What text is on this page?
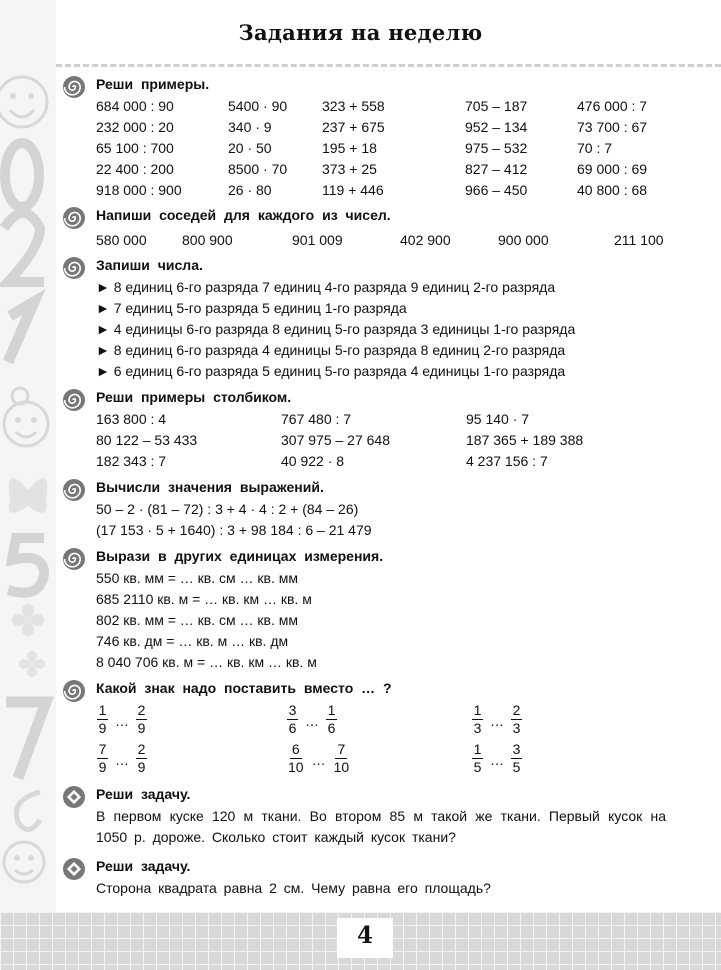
Задания на неделю
Реши примеры.
684 000 : 90	5400 · 90	323 + 558	705 – 187	476 000 : 7
232 000 : 20	340 · 9	237 + 675	952 – 134	73 700 : 67
65 100 : 700	20 · 50	195 + 18	975 – 532	70 : 7
22 400 : 200	8500 · 70	373 + 25	827 – 412	69 000 : 69
918 000 : 900	26 · 80	119 + 446	966 – 450	40 800 : 68
Напиши соседей для каждого из чисел.
580 000	800 900	901 009	402 900	900 000	211 100
Запиши числа.
► 8 единиц 6-го разряда 7 единиц 4-го разряда 9 единиц 2-го разряда
► 7 единиц 5-го разряда 5 единиц 1-го разряда
► 4 единицы 6-го разряда 8 единиц 5-го разряда 3 единицы 1-го разряда
► 8 единиц 6-го разряда 4 единицы 5-го разряда 8 единиц 2-го разряда
► 6 единиц 6-го разряда 5 единиц 5-го разряда 4 единицы 1-го разряда
Реши примеры столбиком.
163 800 : 4	767 480 : 7	95 140 · 7
80 122 – 53 433	307 975 – 27 648	187 365 + 189 388
182 343 : 7	40 922 · 8	4 237 156 : 7
Вычисли значения выражений.
50 – 2 · (81 – 72) : 3 + 4 · 4 : 2 + (84 – 26)
(17 153 · 5 + 1640) : 3 + 98 184 : 6 – 21 479
Вырази в других единицах измерения.
550 кв. мм = … кв. см … кв. мм
685 2110 кв. м = … кв. км … кв. м
802 кв. мм = … кв. см … кв. мм
746 кв. дм = … кв. м … кв. дм
8 040 706 кв. м = … кв. км … кв. м
Какой знак надо поставить вместо … ?
$\frac{1}{9}$ … $\frac{2}{9}$	$\frac{3}{6}$ … $\frac{1}{6}$	$\frac{1}{3}$ … $\frac{2}{3}$
$\frac{7}{9}$ … $\frac{2}{9}$	$\frac{6}{10}$ … $\frac{7}{10}$	$\frac{1}{5}$ … $\frac{3}{5}$
Реши задачу.
В первом куске 120 м ткани. Во втором 85 м такой же ткани. Первый кусок на 1050 р. дороже. Сколько стоит каждый кусок ткани?
Реши задачу.
Сторона квадрата равна 2 см. Чему равна его площадь?
4
